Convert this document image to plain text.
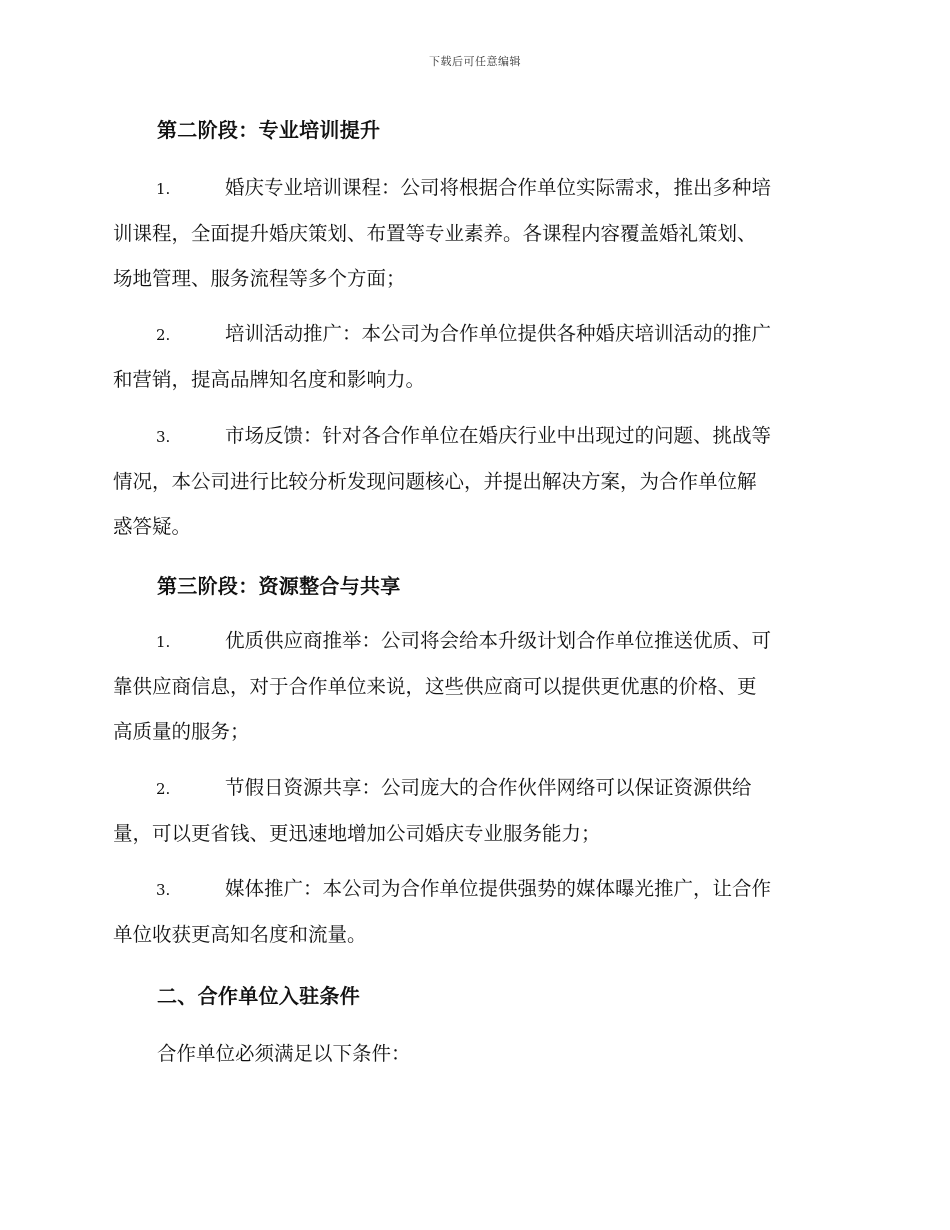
下载后可任意编辑
第二阶段：专业培训提升
1.	婚庆专业培训课程：公司将根据合作单位实际需求，推出多种培
训课程，全面提升婚庆策划、布置等专业素养。各课程内容覆盖婚礼策划、
场地管理、服务流程等多个方面；
2.	培训活动推广：本公司为合作单位提供各种婚庆培训活动的推广
和营销，提高品牌知名度和影响力。
3.	市场反馈：针对各合作单位在婚庆行业中出现过的问题、挑战等
情况，本公司进行比较分析发现问题核心，并提出解决方案，为合作单位解
惑答疑。
第三阶段：资源整合与共享
1.	优质供应商推举：公司将会给本升级计划合作单位推送优质、可
靠供应商信息，对于合作单位来说，这些供应商可以提供更优惠的价格、更
高质量的服务；
2.	节假日资源共享：公司庞大的合作伙伴网络可以保证资源供给
量，可以更省钱、更迅速地增加公司婚庆专业服务能力；
3.	媒体推广：本公司为合作单位提供强势的媒体曝光推广，让合作
单位收获更高知名度和流量。
二、合作单位入驻条件
合作单位必须满足以下条件：
